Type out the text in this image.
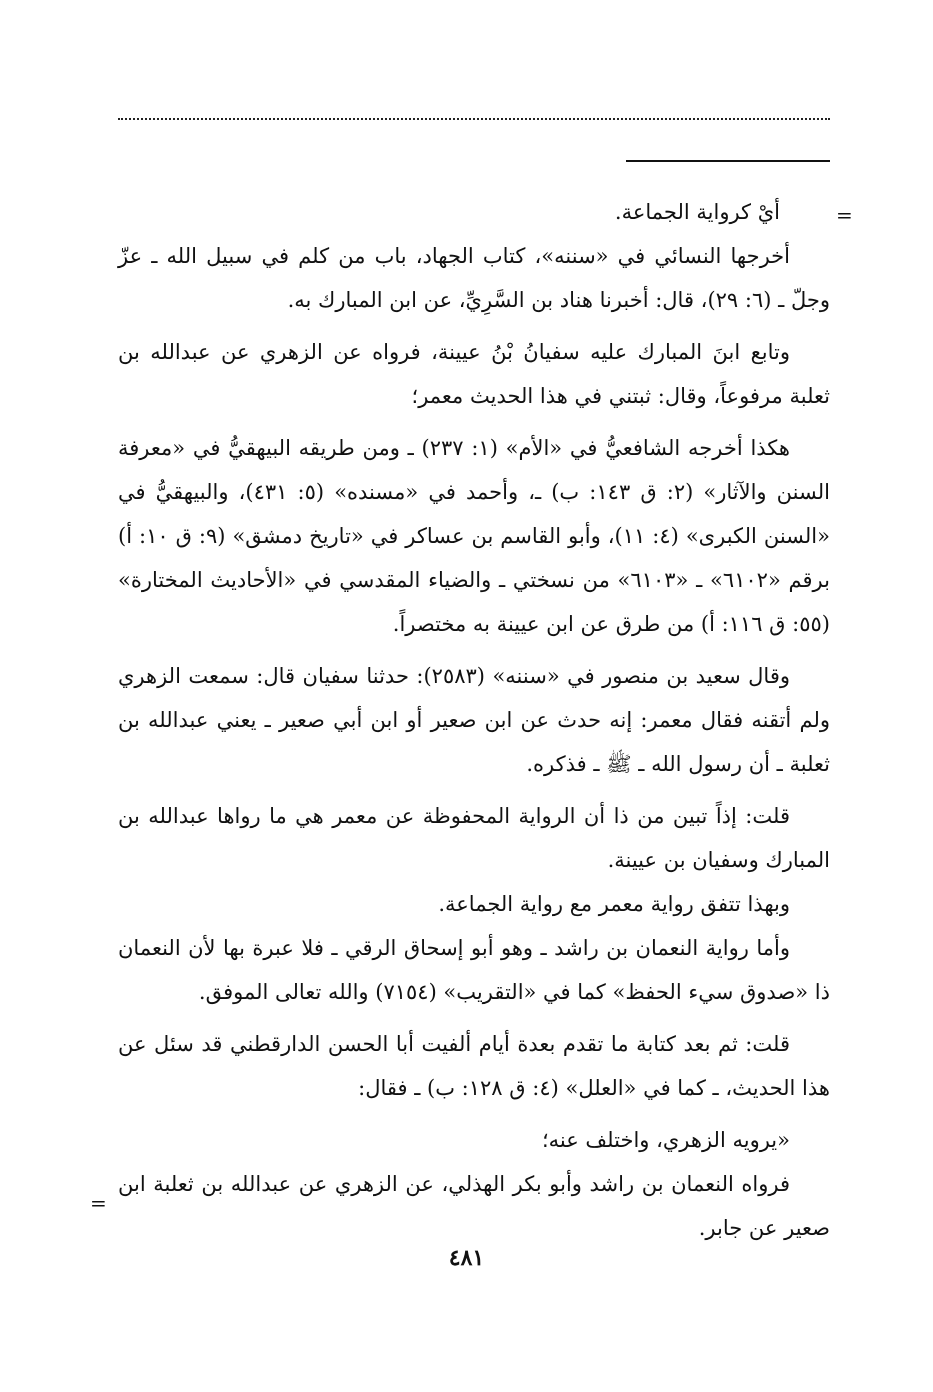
=

أيْ كرواية الجماعة.

أخرجها النسائي في «سننه»، كتاب الجهاد، باب من كلم في سبيل الله ـ عزّ وجلّ ـ (٦: ٢٩)، قال: أخبرنا هناد بن السَّرِيِّ، عن ابن المبارك به.

وتابع ابنَ المبارك عليه سفيانُ بْنُ عيينة، فرواه عن الزهري عن عبدالله بن ثعلبة مرفوعاً، وقال: ثبتني في هذا الحديث معمر؛

هكذا أخرجه الشافعيُّ في «الأم» (١: ٢٣٧) ـ ومن طريقه البيهقيُّ في «معرفة السنن والآثار» (٢: ق ١٤٣: ب) ـ، وأحمد في «مسنده» (٥: ٤٣١)، والبيهقيُّ في «السنن الكبرى» (٤: ١١)، وأبو القاسم بن عساكر في «تاريخ دمشق» (٩: ق ١٠: أ) برقم «٦١٠٢» ـ «٦١٠٣» من نسختي ـ والضياء المقدسي في «الأحاديث المختارة» (٥٥: ق ١١٦: أ) من طرق عن ابن عيينة به مختصراً.

وقال سعيد بن منصور في «سننه» (٢٥٨٣): حدثنا سفيان قال: سمعت الزهري ولم أتقنه فقال معمر: إنه حدث عن ابن صعير أو ابن أبي صعير ـ يعني عبدالله بن ثعلبة ـ أن رسول الله ـ ﷺ ـ فذكره.

قلت: إذاً تبين من ذا أن الرواية المحفوظة عن معمر هي ما رواها عبدالله بن المبارك وسفيان بن عيينة.

وبهذا تتفق رواية معمر مع رواية الجماعة.

وأما رواية النعمان بن راشد ـ وهو أبو إسحاق الرقي ـ فلا عبرة بها لأن النعمان ذا «صدوق سيء الحفظ» كما في «التقريب» (٧١٥٤) والله تعالى الموفق.

قلت: ثم بعد كتابة ما تقدم بعدة أيام ألفيت أبا الحسن الدارقطني قد سئل عن هذا الحديث، ـ كما في «العلل» (٤: ق ١٢٨: ب) ـ فقال:

«يرويه الزهري، واختلف عنه؛

فرواه النعمان بن راشد وأبو بكر الهذلي، عن الزهري عن عبدالله بن ثعلبة ابن صعير عن جابر.

=
٤٨١
